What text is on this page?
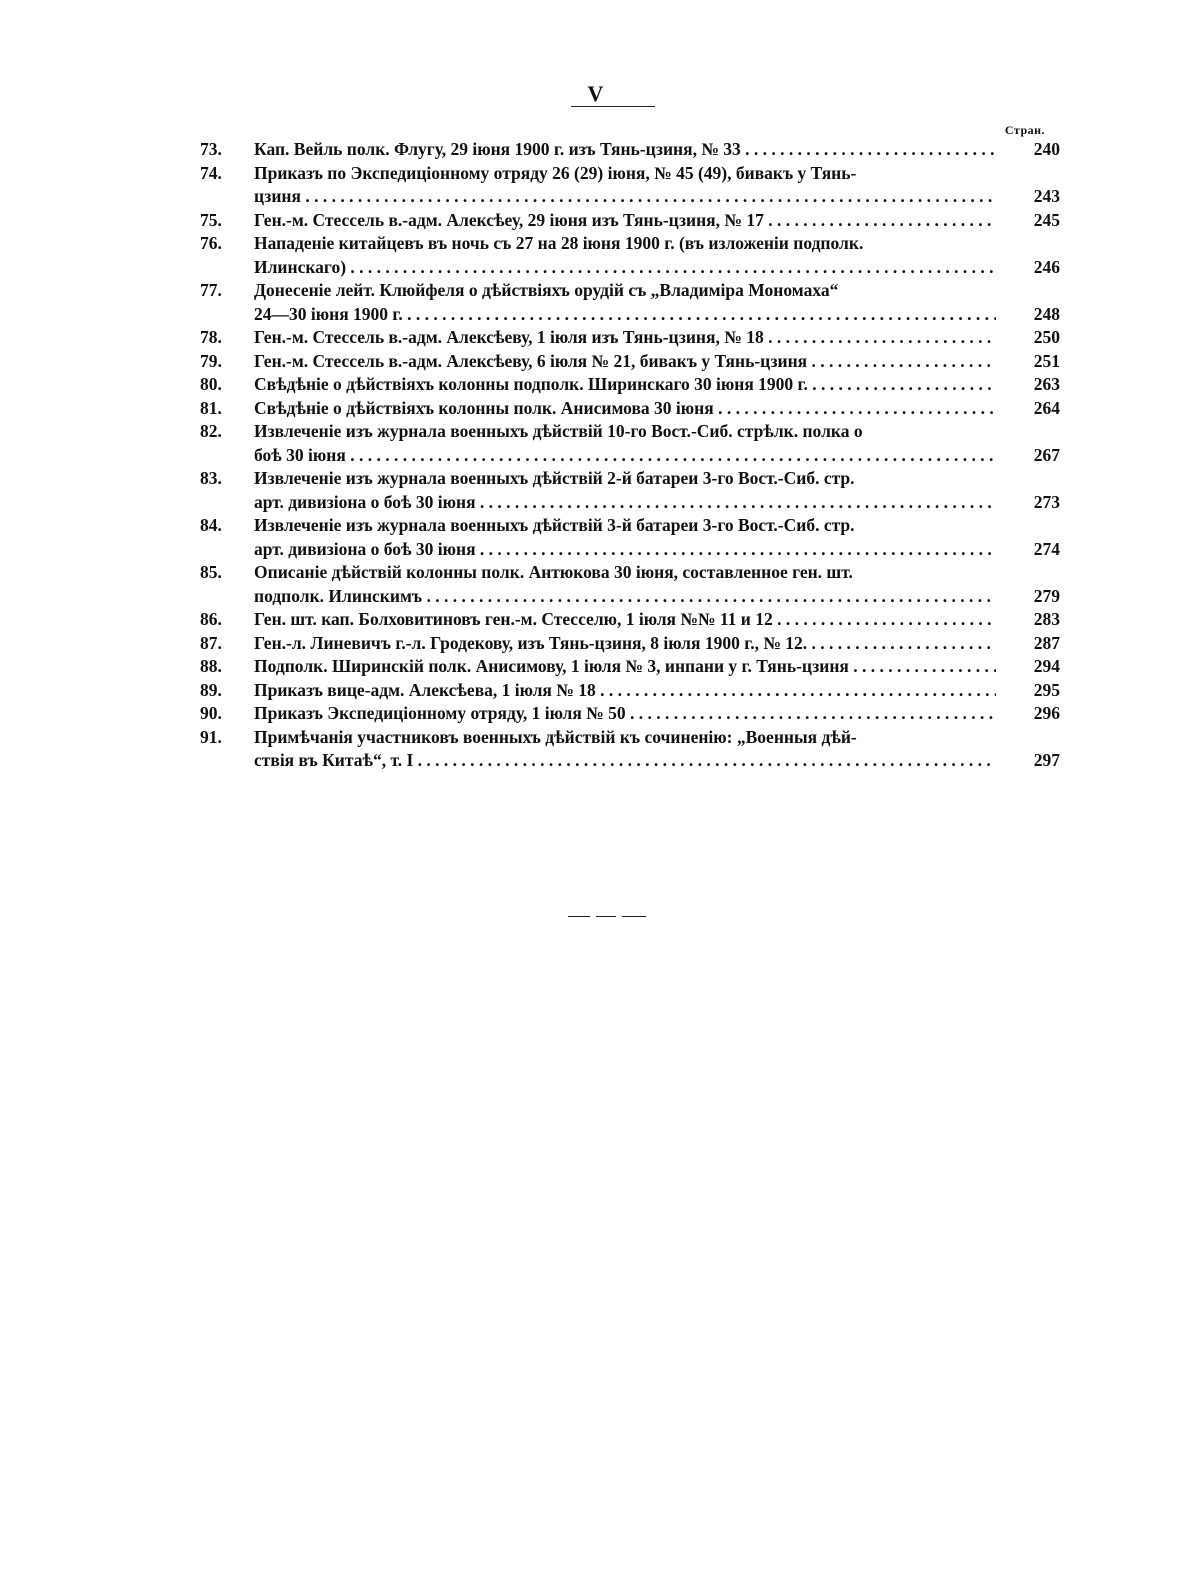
V
Стран.
73.	Кап. Вейль полк. Флугу, 29 іюня 1900 г. изъ Тянь-цзиня, № 33 . . .	240
74.	Приказъ по Экспедиціонному отряду 26 (29) іюня, № 45 (49), бивакъ у Тянь-
цзиня . . .	243
75.	Ген.-м. Стессель в.-адм. Алексѣеу, 29 іюня изъ Тянь-цзиня, № 17 . . .	245
76.	Нападеніе китайцевъ въ ночь съ 27 на 28 іюня 1900 г. (въ изложеніи подполк.
Илинскаго) . . .	246
77.	Донесеніе лейт. Клюйфеля о дѣйствіяхъ орудій съ „Владиміра Мономаха“
24—30 іюня 1900 г. . . .	248
78.	Ген.-м. Стессель в.-адм. Алексѣеву, 1 іюля изъ Тянь-цзиня, № 18 . . .	250
79.	Ген.-м. Стессель в.-адм. Алексѣеву, 6 іюля № 21, бивакъ у Тянь-цзиня . . .	251
80.	Свѣдѣніе о дѣйствіяхъ колонны подполк. Ширинскаго 30 іюня 1900 г. . . .	263
81.	Свѣдѣніе о дѣйствіяхъ колонны полк. Анисимова 30 іюня . . .	264
82.	Извлеченіе изъ журнала военныхъ дѣйствій 10-го Вост.-Сиб. стрѣлк. полка о
боѣ 30 іюня . . .	267
83.	Извлеченіе изъ журнала военныхъ дѣйствій 2-й батареи 3-го Вост.-Сиб. стр.
арт. дивизіона о боѣ 30 іюня . . .	273
84.	Извлеченіе изъ журнала военныхъ дѣйствій 3-й батареи 3-го Вост.-Сиб. стр.
арт. дивизіона о боѣ 30 іюня . . .	274
85.	Описаніе дѣйствій колонны полк. Антюкова 30 іюня, составленное ген. шт.
подполк. Илинскимъ . . .	279
86.	Ген. шт. кап. Болховитиновъ ген.-м. Стесселю, 1 іюля №№ 11 и 12 . . .	283
87.	Ген.-л. Линевичъ г.-л. Гродекову, изъ Тянь-цзиня, 8 іюля 1900 г., № 12. . . .	287
88.	Подполк. Ширинскій полк. Анисимову, 1 іюля № 3, инпани у г. Тянь-цзиня . . .	294
89.	Приказъ вице-адм. Алексѣева, 1 іюля № 18 . . .	295
90.	Приказъ Экспедиціонному отряду, 1 іюля № 50 . . .	296
91.	Примѣчанія участниковъ военныхъ дѣйствій къ сочиненію: „Военныя дѣй-
ствія въ Китаѣ“, т. I . . .	297
